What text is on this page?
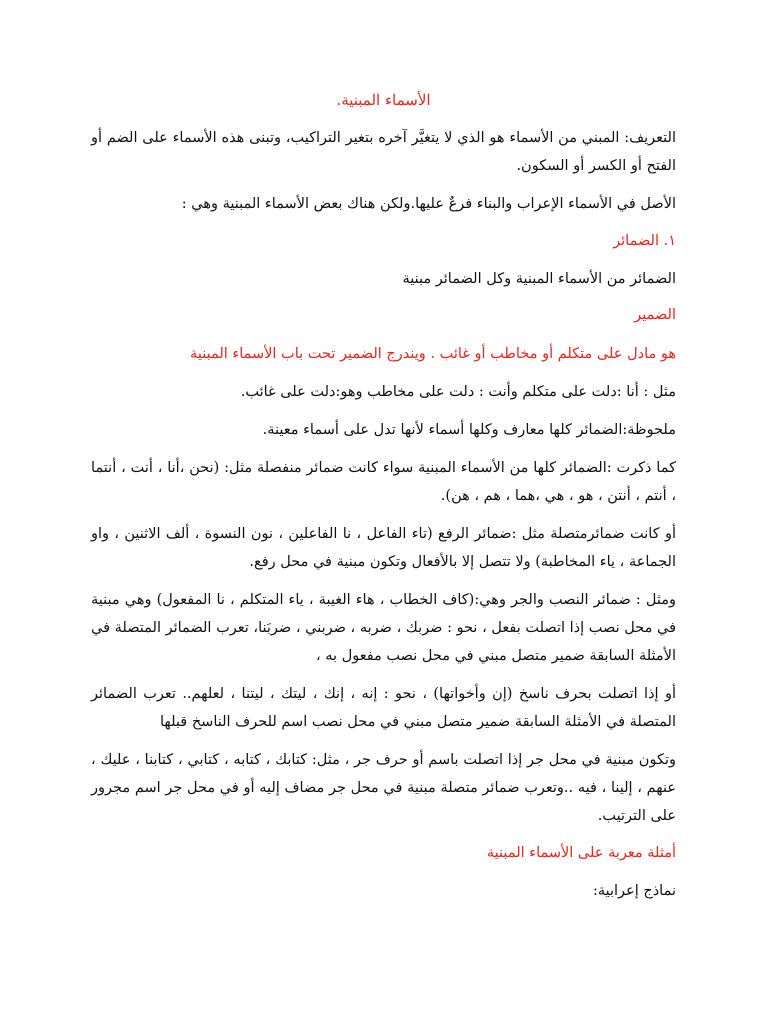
الأسماء المبنية.

التعريف: المبني من الأسماء هو الذي لا يتغيَّر آخره بتغير التراكيب، وتبنى هذه الأسماء على الضم أو الفتح أو الكسر أو السكون.

الأصل في الأسماء الإعراب والبناء فرعٌ عليها.ولكن هناك بعض الأسماء المبنية وهي :

١. الضمائر

الضمائر من الأسماء المبنية وكل الضمائر مبنية

الضمير

هو مادل على متكلم أو مخاطب أو غائب . ويندرج الضمير تحت باب الأسماء المبنية

مثل : أنا :دلت على متكلم وأنت : دلت على مخاطب وهو:دلت على غائب.

ملحوظة:الضمائر كلها معارف وكلها أسماء لأنها تدل على أسماء معينة.

كما ذكرت :الضمائر كلها من الأسماء المبنية سواء كانت ضمائر منفصلة مثل: (نحن ،أنا ، أنت ، أنتما ، أنتم ، أنتن ، هو ، هي ،هما ، هم ، هن).

أو كانت ضمائرمتصلة مثل :ضمائر الرفع (تاء الفاعل ، نا الفاعلين ، نون النسوة ، ألف الاثنين ، واو الجماعة ، ياء المخاطبة) ولا تتصل إلا بالأفعال وتكون مبنية في محل رفع.

ومثل : ضمائر النصب والجر وهي:(كاف الخطاب ، هاء الغيبة ، ياء المتكلم ، نا المفعول) وهي مبنية في محل نصب إذا اتصلت بفعل ، نحو : ضربك ، ضربه ، ضربني ، ضربَنا، تعرب الضمائر المتصلة في الأمثلة السابقة ضمير متصل مبني في محل نصب مفعول به ،

أو إذا اتصلت بحرف ناسخ (إن وأخواتها) ، نحو : إنه ، إنك ، ليتك ، ليتنا ، لعلهم.. تعرب الضمائر المتصلة في الأمثلة السابقة ضمير متصل مبني في محل نصب اسم للحرف الناسخ قبلها

وتكون مبنية في محل جر إذا اتصلت باسم أو حرف جر ، مثل: كتابك ، كتابه ، كتابي ، كتابنا ، عليك ، عنهم ، إلينا ، فيه ..وتعرب ضمائر متصلة مبنية في محل جر مضاف إليه أو في محل جر اسم مجرور على الترتيب.

أمثلة معربة على الأسماء المبنية

نماذج إعرابية:
